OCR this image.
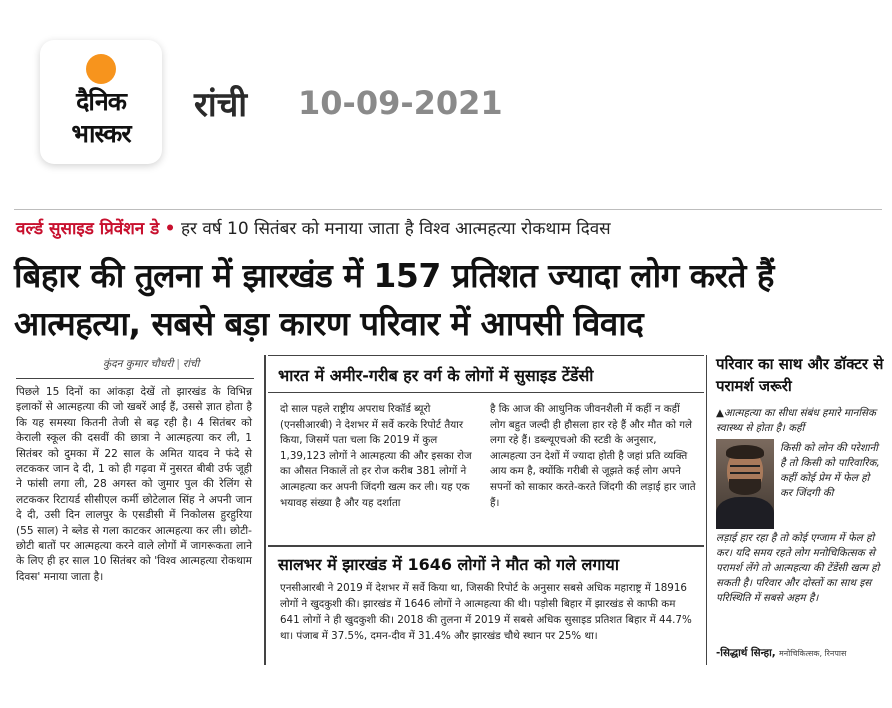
दैनिक
भास्कर
रांची 10-09-2021
वर्ल्ड सुसाइड प्रिवेंशन डे • हर वर्ष 10 सितंबर को मनाया जाता है विश्व आत्महत्या रोकथाम दिवस
बिहार की तुलना में झारखंड में 157 प्रतिशत ज्यादा लोग करते हैं आत्महत्या, सबसे बड़ा कारण परिवार में आपसी विवाद
कुंदन कुमार चौधरी | रांची
पिछले 15 दिनों का आंकड़ा देखें तो झारखंड के विभिन्न इलाकों से आत्महत्या की जो खबरें आईं हैं, उससे ज्ञात होता है कि यह समस्या कितनी तेजी से बढ़ रही है। 4 सितंबर को केराली स्कूल की दसवीं की छात्रा ने आत्महत्या कर ली, 1 सितंबर को दुमका में 22 साल के अमित यादव ने फंदे से लटककर जान दे दी, 1 को ही गढ़वा में नुसरत बीबी उर्फ जूही ने फांसी लगा ली, 28 अगस्त को जुमार पुल की रेलिंग से लटककर रिटायर्ड सीसीएल कर्मी छोटेलाल सिंह ने अपनी जान दे दी, उसी दिन लालपुर के एसडीसी में निकोलस हुरहुरिया (55 साल) ने ब्लेड से गला काटकर आत्महत्या कर ली। छोटी-छोटी बातों पर आत्महत्या करने वाले लोगों में जागरूकता लाने के लिए ही हर साल 10 सितंबर को 'विश्व आत्महत्या रोकथाम दिवस' मनाया जाता है।
भारत में अमीर-गरीब हर वर्ग के लोगों में सुसाइड टेंडेंसी
दो साल पहले राष्ट्रीय अपराध रिकॉर्ड ब्यूरो (एनसीआरबी) ने देशभर में सर्वे करके रिपोर्ट तैयार किया, जिसमें पता चला कि 2019 में कुल 1,39,123 लोगों ने आत्महत्या की और इसका रोज का औसत निकालें तो हर रोज करीब 381 लोगों ने आत्महत्या कर अपनी जिंदगी खत्म कर ली। यह एक भयावह संख्या है और यह दर्शाता
है कि आज की आधुनिक जीवनशैली में कहीं न कहीं लोग बहुत जल्दी ही हौसला हार रहे हैं और मौत को गले लगा रहे हैं। डब्ल्यूएचओ की स्टडी के अनुसार, आत्महत्या उन देशों में ज्यादा होती है जहां प्रति व्यक्ति आय कम है, क्योंकि गरीबी से जूझते कई लोग अपने सपनों को साकार करते-करते जिंदगी की लड़ाई हार जाते हैं।
सालभर में झारखंड में 1646 लोगों ने मौत को गले लगाया
एनसीआरबी ने 2019 में देशभर में सर्वे किया था, जिसकी रिपोर्ट के अनुसार सबसे अधिक महाराष्ट्र में 18916 लोगों ने खुदकुशी की। झारखंड में 1646 लोगों ने आत्महत्या की थी। पड़ोसी बिहार में झारखंड से काफी कम 641 लोगों ने ही खुदकुशी की। 2018 की तुलना में 2019 में सबसे अधिक सुसाइड प्रतिशत बिहार में 44.7% था। पंजाब में 37.5%, दमन-दीव में 31.4% और झारखंड चौथे स्थान पर 25% था।
परिवार का साथ और डॉक्टर से परामर्श जरूरी
▲आत्महत्या का सीधा संबंध हमारे मानसिक स्वास्थ्य से होता है। कहीं
किसी को लोन की परेशानी है तो किसी को पारिवारिक, कहीं कोई प्रेम में फेल हो कर जिंदगी की
लड़ाई हार रहा है तो कोई एग्जाम में फेल हो कर। यदि समय रहते लोग मनोचिकित्सक से परामर्श लेंगे तो आत्महत्या की टेंडेंसी खत्म हो सकती है। परिवार और दोस्तों का साथ इस परिस्थिति में सबसे अहम है।
-सिद्धार्थ सिन्हा, मनोचिकित्सक, रिनपास
